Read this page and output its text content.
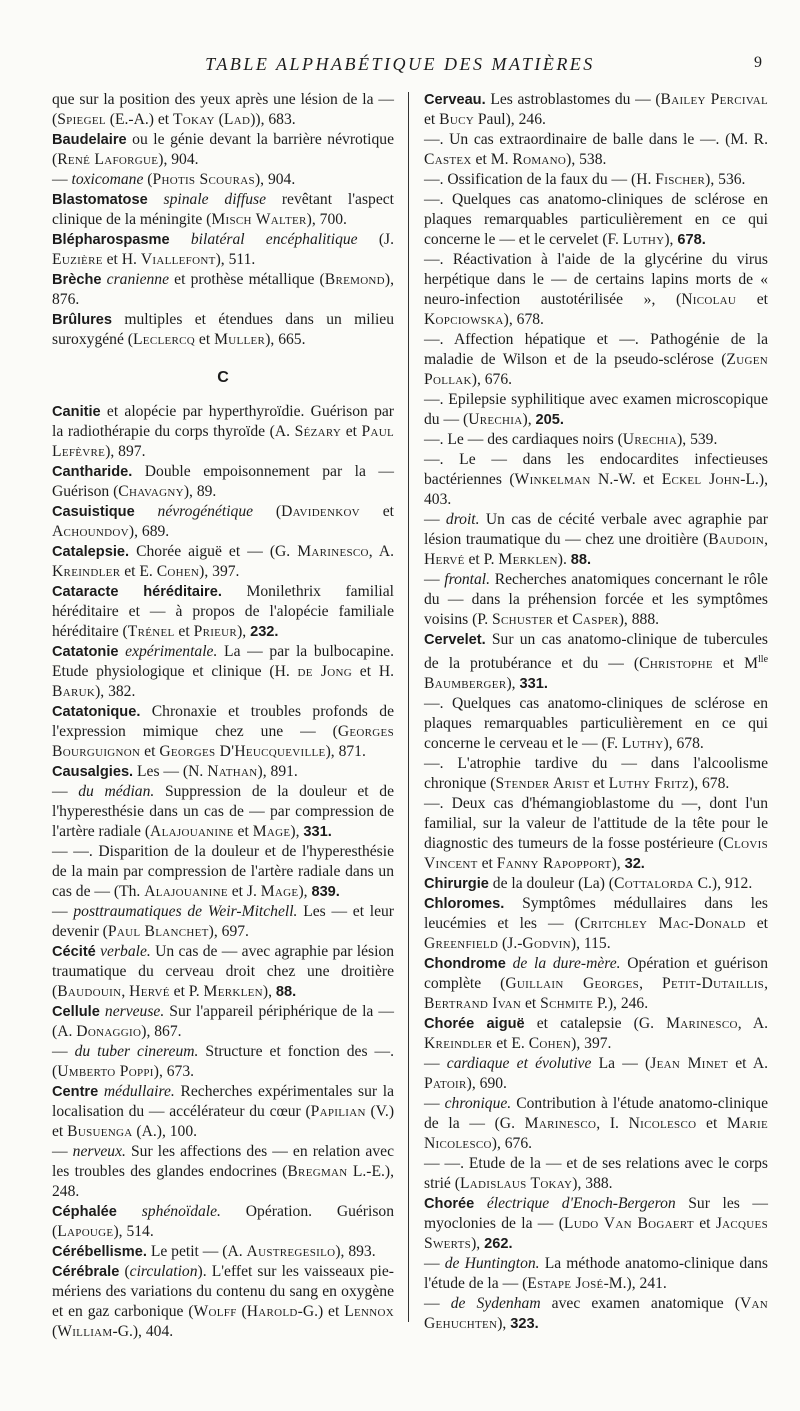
TABLE ALPHABÉTIQUE DES MATIÈRES	9

que sur la position des yeux après une lésion de la — (Spiegel (E.-A.) et Tokay (Lad)), 683.

Baudelaire ou le génie devant la barrière névrotique (René Laforgue), 904.

— toxicomane (Photis Scouras), 904.

Blastomatose spinale diffuse revêtant l'aspect clinique de la méningite (Misch Walter), 700.

Blépharospasme bilatéral encéphalitique (J. Euzière et H. Viallefont), 511.

Brèche cranienne et prothèse métallique (Bremond), 876.

Brûlures multiples et étendues dans un milieu suroxygéné (Leclercq et Muller), 665.

C

Canitie et alopécie par hyperthyroïdie. Guérison par la radiothérapie du corps thyroïde (A. Sézary et Paul Lefèvre), 897.

Cantharide. Double empoisonnement par la — Guérison (Chavagny), 89.

Casuistique névrogénétique (Davidenkov et Achoundov), 689.

Catalepsie. Chorée aiguë et — (G. Marinesco, A. Kreindler et E. Cohen), 397.

Cataracte héréditaire. Monilethrix familial héréditaire et — à propos de l'alopécie familiale héréditaire (Trénel et Prieur), 232.

Catatonie expérimentale. La — par la bulbocapine. Etude physiologique et clinique (H. de Jong et H. Baruk), 382.

Catatonique. Chronaxie et troubles profonds de l'expression mimique chez une — (Georges Bourguignon et Georges D'Heucqueville), 871.

Causalgies. Les — (N. Nathan), 891.

— du médian. Suppression de la douleur et de l'hyperesthésie dans un cas de — par compression de l'artère radiale (Alajouanine et Mage), 331.

— —. Disparition de la douleur et de l'hyperesthésie de la main par compression de l'artère radiale dans un cas de — (Th. Alajouanine et J. Mage), 839.

— posttraumatiques de Weir-Mitchell. Les — et leur devenir (Paul Blanchet), 697.

Cécité verbale. Un cas de — avec agraphie par lésion traumatique du cerveau droit chez une droitière (Baudouin, Hervé et P. Merklen), 88.

Cellule nerveuse. Sur l'appareil périphérique de la — (A. Donaggio), 867.

— du tuber cinereum. Structure et fonction des —. (Umberto Poppi), 673.

Centre médullaire. Recherches expérimentales sur la localisation du — accélérateur du cœur (Papilian (V.) et Busuenga (A.), 100.

— nerveux. Sur les affections des — en relation avec les troubles des glandes endocrines (Bregman L.-E.), 248.

Céphalée sphénoïdale. Opération. Guérison (Lapouge), 514.

Cérébellisme. Le petit — (A. Austregesilo), 893.

Cérébrale (circulation). L'effet sur les vaisseaux pie-mériens des variations du contenu du sang en oxygène et en gaz carbonique (Wolff (Harold-G.) et Lennox (William-G.), 404.

Cerveau. Les astroblastomes du — (Bailey Percival et Bucy Paul), 246.

—. Un cas extraordinaire de balle dans le —. (M. R. Castex et M. Romano), 538.

—. Ossification de la faux du — (H. Fischer), 536.

—. Quelques cas anatomo-cliniques de sclérose en plaques remarquables particulièrement en ce qui concerne le — et le cervelet (F. Luthy), 678.

—. Réactivation à l'aide de la glycérine du virus herpétique dans le — de certains lapins morts de « neuro-infection austotérilisée », (Nicolau et Kopciowska), 678.

—. Affection hépatique et —. Pathogénie de la maladie de Wilson et de la pseudo-sclérose (Zugen Pollak), 676.

—. Epilepsie syphilitique avec examen microscopique du — (Urechia), 205.

—. Le — des cardiaques noirs (Urechia), 539.

—. Le — dans les endocardites infectieuses bactériennes (Winkelman N.-W. et Eckel John-L.), 403.

— droit. Un cas de cécité verbale avec agraphie par lésion traumatique du — chez une droitière (Baudoin, Hervé et P. Merklen). 88.

— frontal. Recherches anatomiques concernant le rôle du — dans la préhension forcée et les symptômes voisins (P. Schuster et Casper), 888.

Cervelet. Sur un cas anatomo-clinique de tubercules de la protubérance et du — (Christophe et $M^{lle}$ Baumberger), 331.

—. Quelques cas anatomo-cliniques de sclérose en plaques remarquables particulièrement en ce qui concerne le cerveau et le — (F. Luthy), 678.

—. L'atrophie tardive du — dans l'alcoolisme chronique (Stender Arist et Luthy Fritz), 678.

—. Deux cas d'hémangioblastome du —, dont l'un familial, sur la valeur de l'attitude de la tête pour le diagnostic des tumeurs de la fosse postérieure (Clovis Vincent et Fanny Rapopport), 32.

Chirurgie de la douleur (La) (Cottalorda C.), 912.

Chloromes. Symptômes médullaires dans les leucémies et les — (Critchley Mac-Donald et Greenfield (J.-Godvin), 115.

Chondrome de la dure-mère. Opération et guérison complète (Guillain Georges, Petit-Dutaillis, Bertrand Ivan et Schmite P.), 246.

Chorée aiguë et catalepsie (G. Marinesco, A. Kreindler et E. Cohen), 397.

— cardiaque et évolutive La — (Jean Minet et A. Patoir), 690.

— chronique. Contribution à l'étude anatomo-clinique de la — (G. Marinesco, I. Nicolesco et Marie Nicolesco), 676.

— —. Etude de la — et de ses relations avec le corps strié (Ladislaus Tokay), 388.

Chorée électrique d'Enoch-Bergeron Sur les — myoclonies de la — (Ludo Van Bogaert et Jacques Swerts), 262.

— de Huntington. La méthode anatomo-clinique dans l'étude de la — (Estape José-M.), 241.

— de Sydenham avec examen anatomique (Van Gehuchten), 323.
